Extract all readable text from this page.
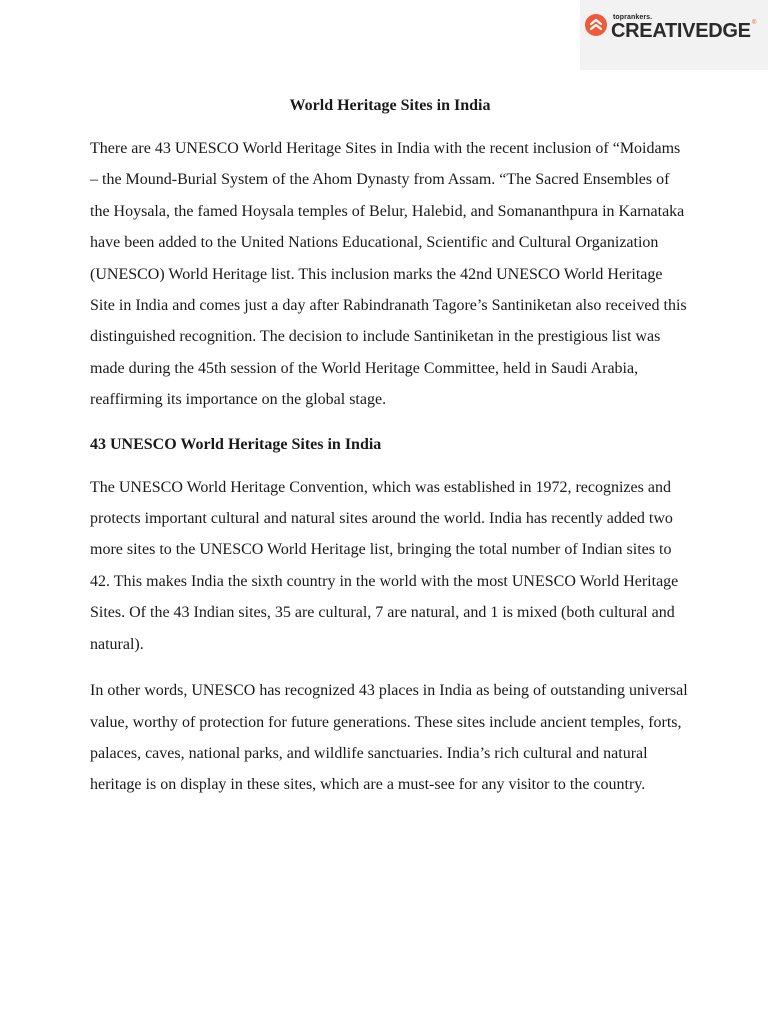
toprankers.
CREATIVEDGE ®
World Heritage Sites in India

There are 43 UNESCO World Heritage Sites in India with the recent inclusion of “Moidams – the Mound-Burial System of the Ahom Dynasty from Assam. “The Sacred Ensembles of the Hoysala, the famed Hoysala temples of Belur, Halebid, and Somananthpura in Karnataka have been added to the United Nations Educational, Scientific and Cultural Organization (UNESCO) World Heritage list. This inclusion marks the 42nd UNESCO World Heritage Site in India and comes just a day after Rabindranath Tagore’s Santiniketan also received this distinguished recognition. The decision to include Santiniketan in the prestigious list was made during the 45th session of the World Heritage Committee, held in Saudi Arabia, reaffirming its importance on the global stage.

43 UNESCO World Heritage Sites in India

The UNESCO World Heritage Convention, which was established in 1972, recognizes and protects important cultural and natural sites around the world. India has recently added two more sites to the UNESCO World Heritage list, bringing the total number of Indian sites to 42. This makes India the sixth country in the world with the most UNESCO World Heritage Sites. Of the 43 Indian sites, 35 are cultural, 7 are natural, and 1 is mixed (both cultural and natural).

In other words, UNESCO has recognized 43 places in India as being of outstanding universal value, worthy of protection for future generations. These sites include ancient temples, forts, palaces, caves, national parks, and wildlife sanctuaries. India’s rich cultural and natural heritage is on display in these sites, which are a must-see for any visitor to the country.
